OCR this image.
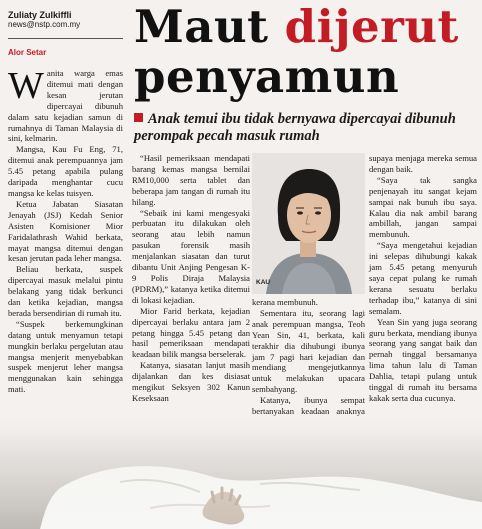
Zuliaty Zulkiffli
news@nstp.com.my
Alor Setar Maut dijerut
penyamun
Anak temui ibu tidak bernyawa dipercayai dibunuh perompak pecah masuk rumah

Wanita warga emas ditemui mati dengan kesan jerutan dipercayai dibunuh dalam satu kejadian samun di rumahnya di Taman Malaysia di sini, kelmarin.

Mangsa, Kau Fu Eng, 71, ditemui anak perempuannya jam 5.45 petang apabila pulang daripada menghantar cucu mangsa ke kelas tuisyen.

Ketua Jabatan Siasatan Jenayah (JSJ) Kedah Senior Asisten Komisioner Mior Faridalathrash Wahid berkata, mayat mangsa ditemui dengan kesan jerutan pada leher mangsa.

Beliau berkata, suspek dipercayai masuk melalui pintu belakang yang tidak berkunci dan ketika kejadian, mangsa berada bersendirian di rumah itu.

“Suspek berkemungkinan datang untuk menyamun tetapi mungkin berlaku pergelutan atau mangsa menjerit menyebabkan suspek menjerut leher mangsa menggunakan kain sehingga mati.

“Hasil pemeriksaan mendapati barang kemas mangsa bernilai RM10,000 serta tablet dan beberapa jam tangan di rumah itu hilang.

“Sebaik ini kami mengesyaki perbuatan itu dilakukan oleh seorang atau lebih namun pasukan forensik masih menjalankan siasatan dan turut dibantu Unit Anjing Pengesan K-9 Polis Diraja Malaysia (PDRM),” katanya ketika ditemui di lokasi kejadian.

Mior Farid berkata, kejadian dipercayai berlaku antara jam 2 petang hingga 5.45 petang dan hasil pemeriksaan mendapati keadaan bilik mangsa berselerak.

Katanya, siasatan lanjut masih dijalankan dan kes disiasat mengikut Seksyen 302 Kanun Keseksaan

KAU

kerana membunuh.

Sementara itu, seorang lagi anak perempuan mangsa, Teoh Yean Sin, 41, berkata, kali terakhir dia dihubungi ibunya jam 7 pagi hari kejadian dan mendiang mengejutkannya untuk melakukan upacara sembahyang.

Katanya, ibunya sempat bertanyakan keadaan anaknya

supaya menjaga mereka semua dengan baik.

“Saya tak sangka penjenayah itu sangat kejam sampai nak bunuh ibu saya. Kalau dia nak ambil barang ambillah, jangan sampai membunuh.

“Saya mengetahui kejadian ini selepas dihubungi kakak jam 5.45 petang menyuruh saya cepat pulang ke rumah kerana sesuatu berlaku terhadap ibu,” katanya di sini semalam.

Yean Sin yang juga seorang guru berkata, mendiang ibunya seorang yang sangat baik dan pernah tinggal bersamanya lima tahun lalu di Taman Dahlia, tetapi pulang untuk tinggal di rumah itu bersama kakak serta dua cucunya.
